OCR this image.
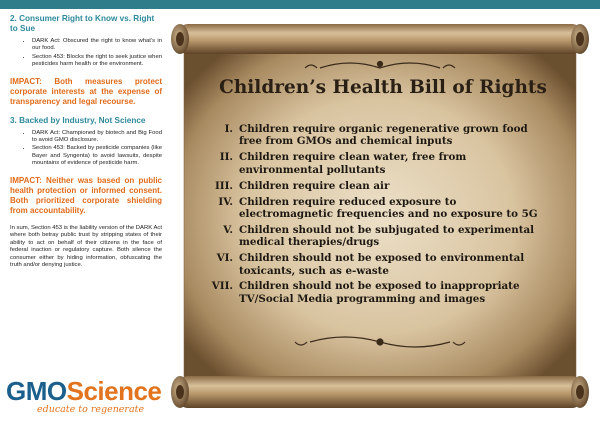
2. Consumer Right to Know vs. Right to Sue
• DARK Act: Obscured the right to know what’s in our food.
• Section 453: Blocks the right to seek justice when pesticides harm health or the environment.

IMPACT: Both measures protect corporate interests at the expense of transparency and legal recourse.

3. Backed by Industry, Not Science
• DARK Act: Championed by biotech and Big Food to avoid GMO disclosure.
• Section 453: Backed by pesticide companies (like Bayer and Syngenta) to avoid lawsuits, despite mountains of evidence of pesticide harm.

IMPACT: Neither was based on public health protection or informed consent. Both prioritized corporate shielding from accountability.

In sum, Section 453 is the liability version of the DARK Act where both betray public trust by stripping states of their ability to act on behalf of their citizens in the face of federal inaction or regulatory capture. Both silence the consumer either by hiding information, obfuscating the truth and/or denying justice.

GMOScience
educate to regenerate
Children’s Health Bill of Rights
I. Children require organic regenerative grown food free from GMOs and chemical inputs
II. Children require clean water, free from environmental pollutants
III. Children require clean air
IV. Children require reduced exposure to electromagnetic frequencies and no exposure to 5G
V. Children should not be subjugated to experimental medical therapies/drugs
VI. Children should not be exposed to environmental toxicants, such as e-waste
VII. Children should not be exposed to inappropriate TV/Social Media programming and images
